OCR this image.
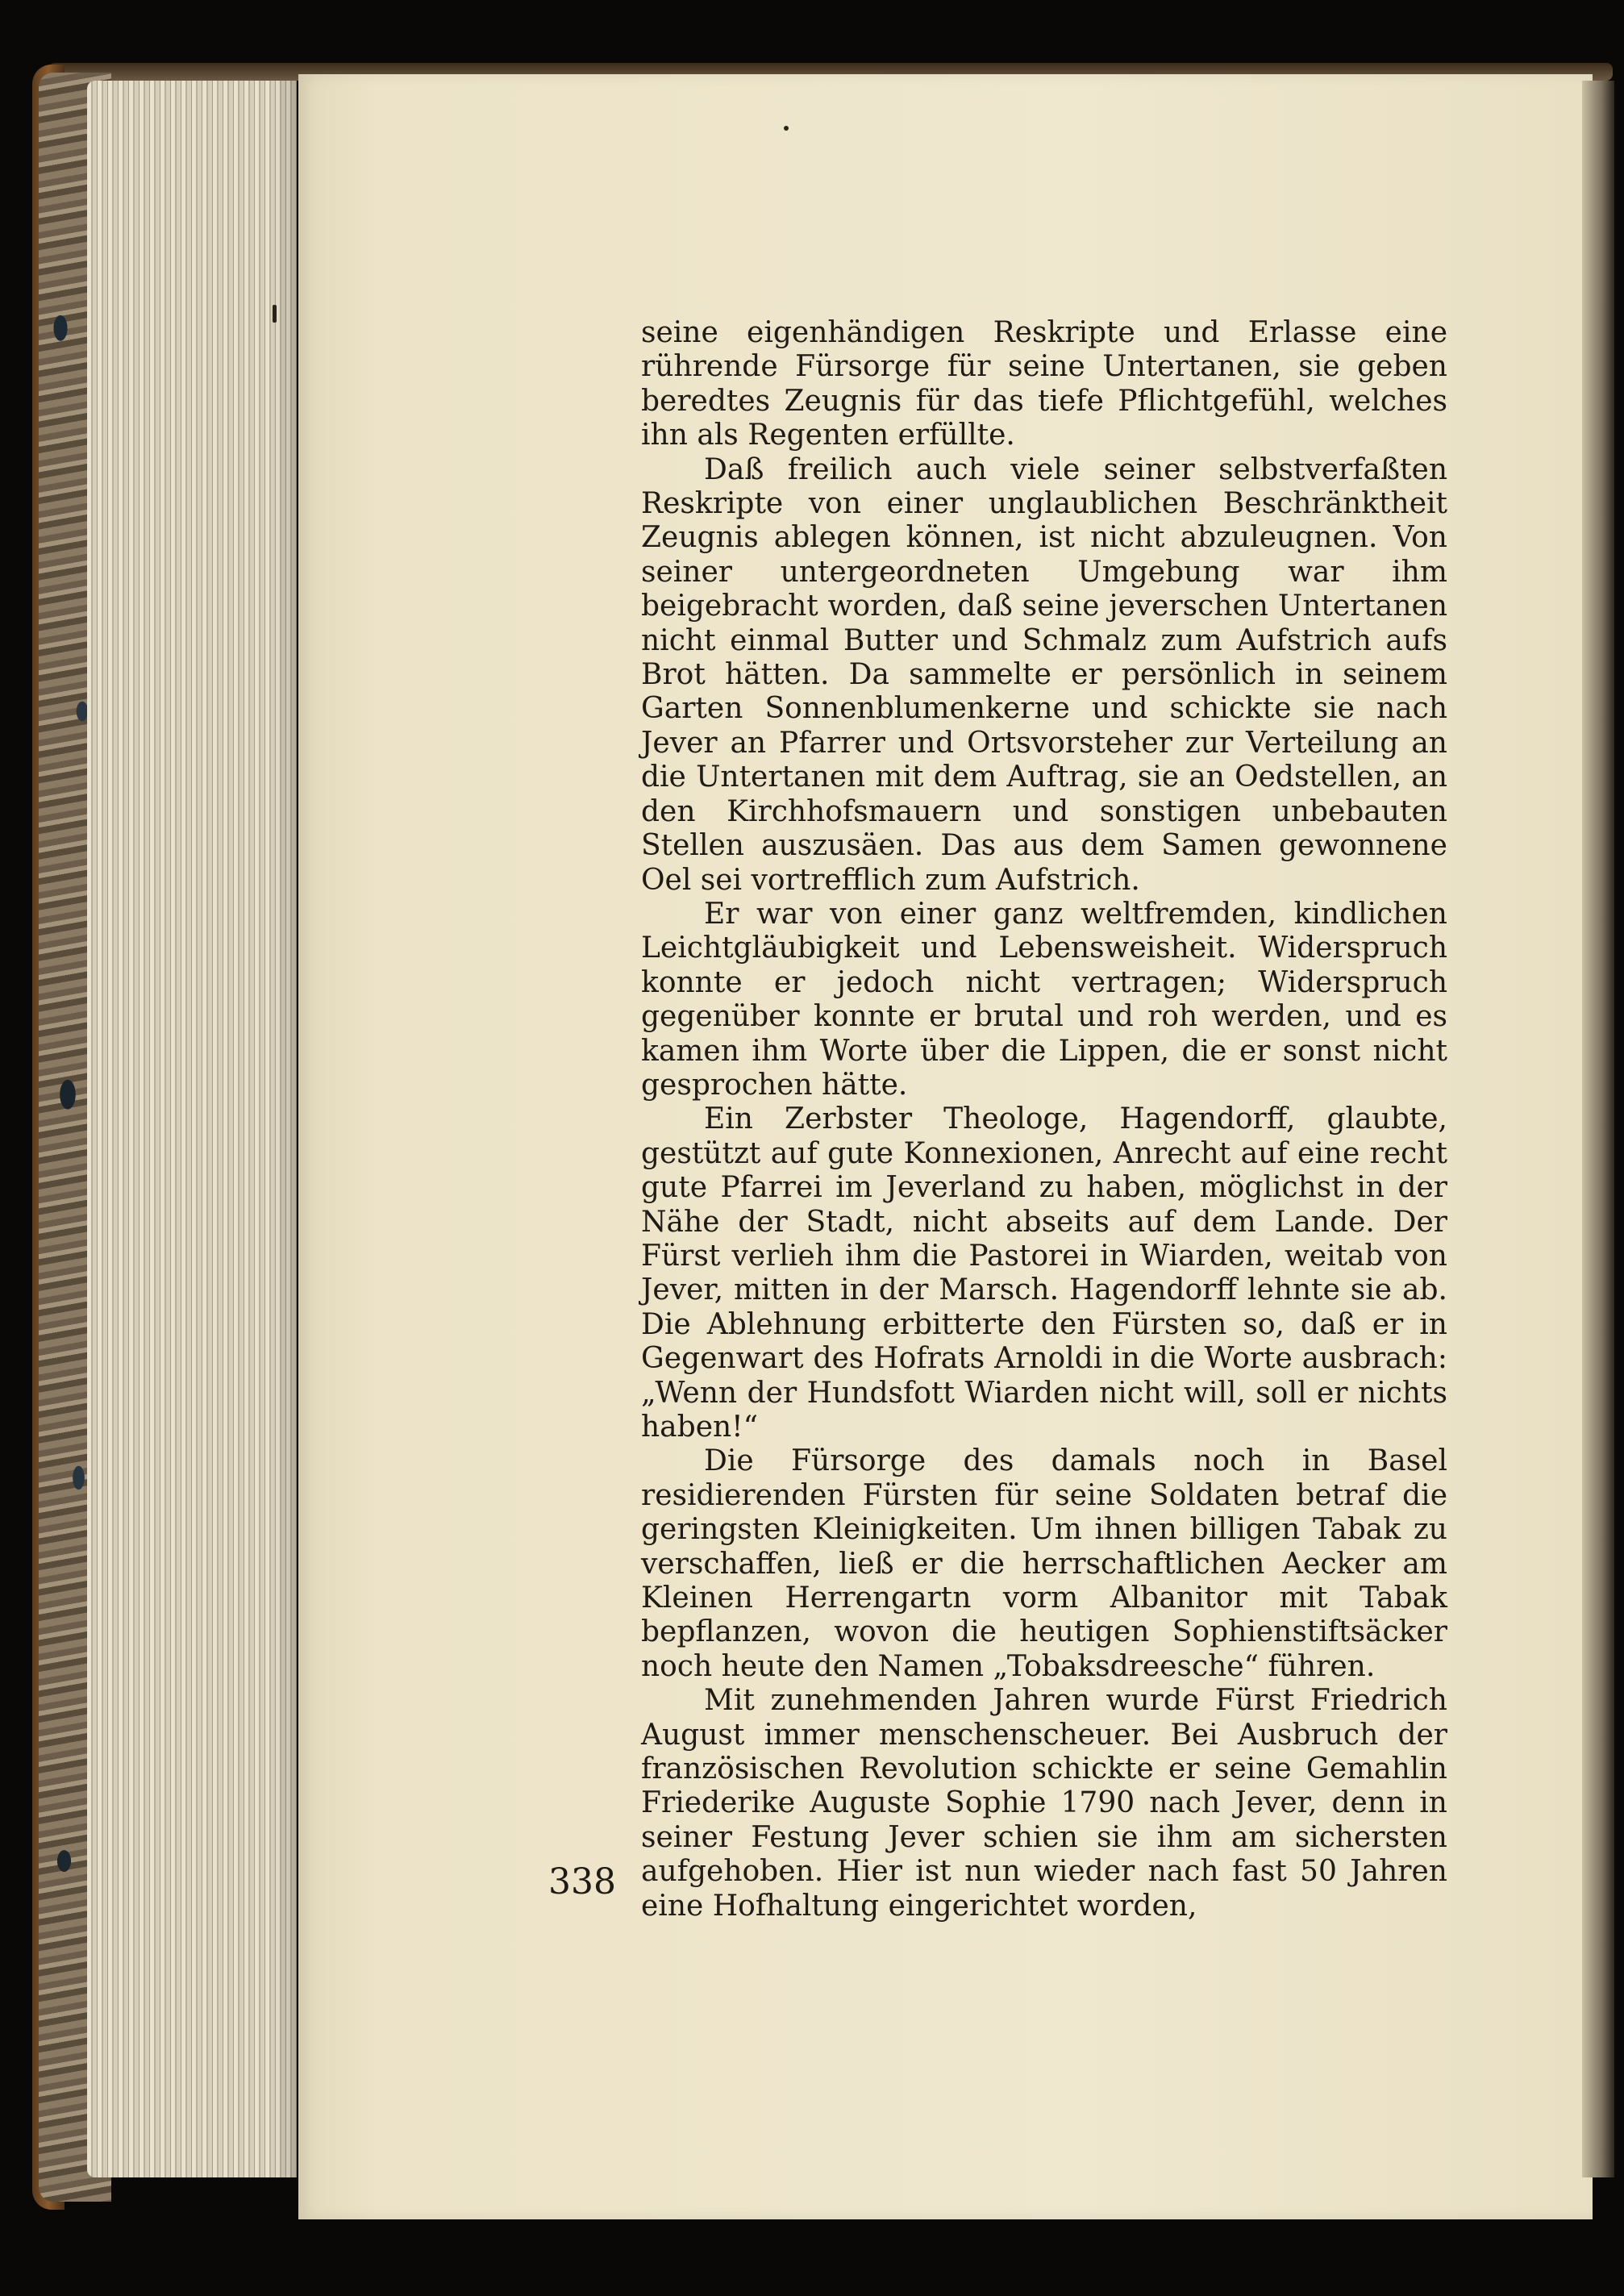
seine eigenhändigen Reskripte und Erlasse eine rührende Fürsorge für seine Untertanen, sie geben beredtes Zeugnis für das tiefe Pflichtgefühl, welches ihn als Regenten erfüllte.

Daß freilich auch viele seiner selbstverfaßten Reskripte von einer unglaublichen Beschränktheit Zeugnis ablegen können, ist nicht abzuleugnen. Von seiner untergeordneten Umgebung war ihm beigebracht worden, daß seine jeverschen Untertanen nicht einmal Butter und Schmalz zum Aufstrich aufs Brot hätten. Da sammelte er persönlich in seinem Garten Sonnenblumenkerne und schickte sie nach Jever an Pfarrer und Ortsvorsteher zur Verteilung an die Untertanen mit dem Auftrag, sie an Oedstellen, an den Kirchhofsmauern und sonstigen unbebauten Stellen auszusäen. Das aus dem Samen gewonnene Oel sei vortrefflich zum Aufstrich.

Er war von einer ganz weltfremden, kindlichen Leichtgläubigkeit und Lebensweisheit. Widerspruch konnte er jedoch nicht vertragen; Widerspruch gegenüber konnte er brutal und roh werden, und es kamen ihm Worte über die Lippen, die er sonst nicht gesprochen hätte.

Ein Zerbster Theologe, Hagendorff, glaubte, gestützt auf gute Konnexionen, Anrecht auf eine recht gute Pfarrei im Jeverland zu haben, möglichst in der Nähe der Stadt, nicht abseits auf dem Lande. Der Fürst verlieh ihm die Pastorei in Wiarden, weitab von Jever, mitten in der Marsch. Hagendorff lehnte sie ab. Die Ablehnung erbitterte den Fürsten so, daß er in Gegenwart des Hofrats Arnoldi in die Worte ausbrach: „Wenn der Hundsfott Wiarden nicht will, soll er nichts haben!“

Die Fürsorge des damals noch in Basel residierenden Fürsten für seine Soldaten betraf die geringsten Kleinigkeiten. Um ihnen billigen Tabak zu verschaffen, ließ er die herrschaftlichen Aecker am Kleinen Herrengartn vorm Albanitor mit Tabak bepflanzen, wovon die heutigen Sophienstiftsäcker noch heute den Namen „Tobaksdreesche“ führen.

Mit zunehmenden Jahren wurde Fürst Friedrich August immer menschenscheuer. Bei Ausbruch der französischen Revolution schickte er seine Gemahlin Friederike Auguste Sophie 1790 nach Jever, denn in seiner Festung Jever schien sie ihm am sichersten aufgehoben. Hier ist nun wieder nach fast 50 Jahren eine Hofhaltung eingerichtet worden,

338
